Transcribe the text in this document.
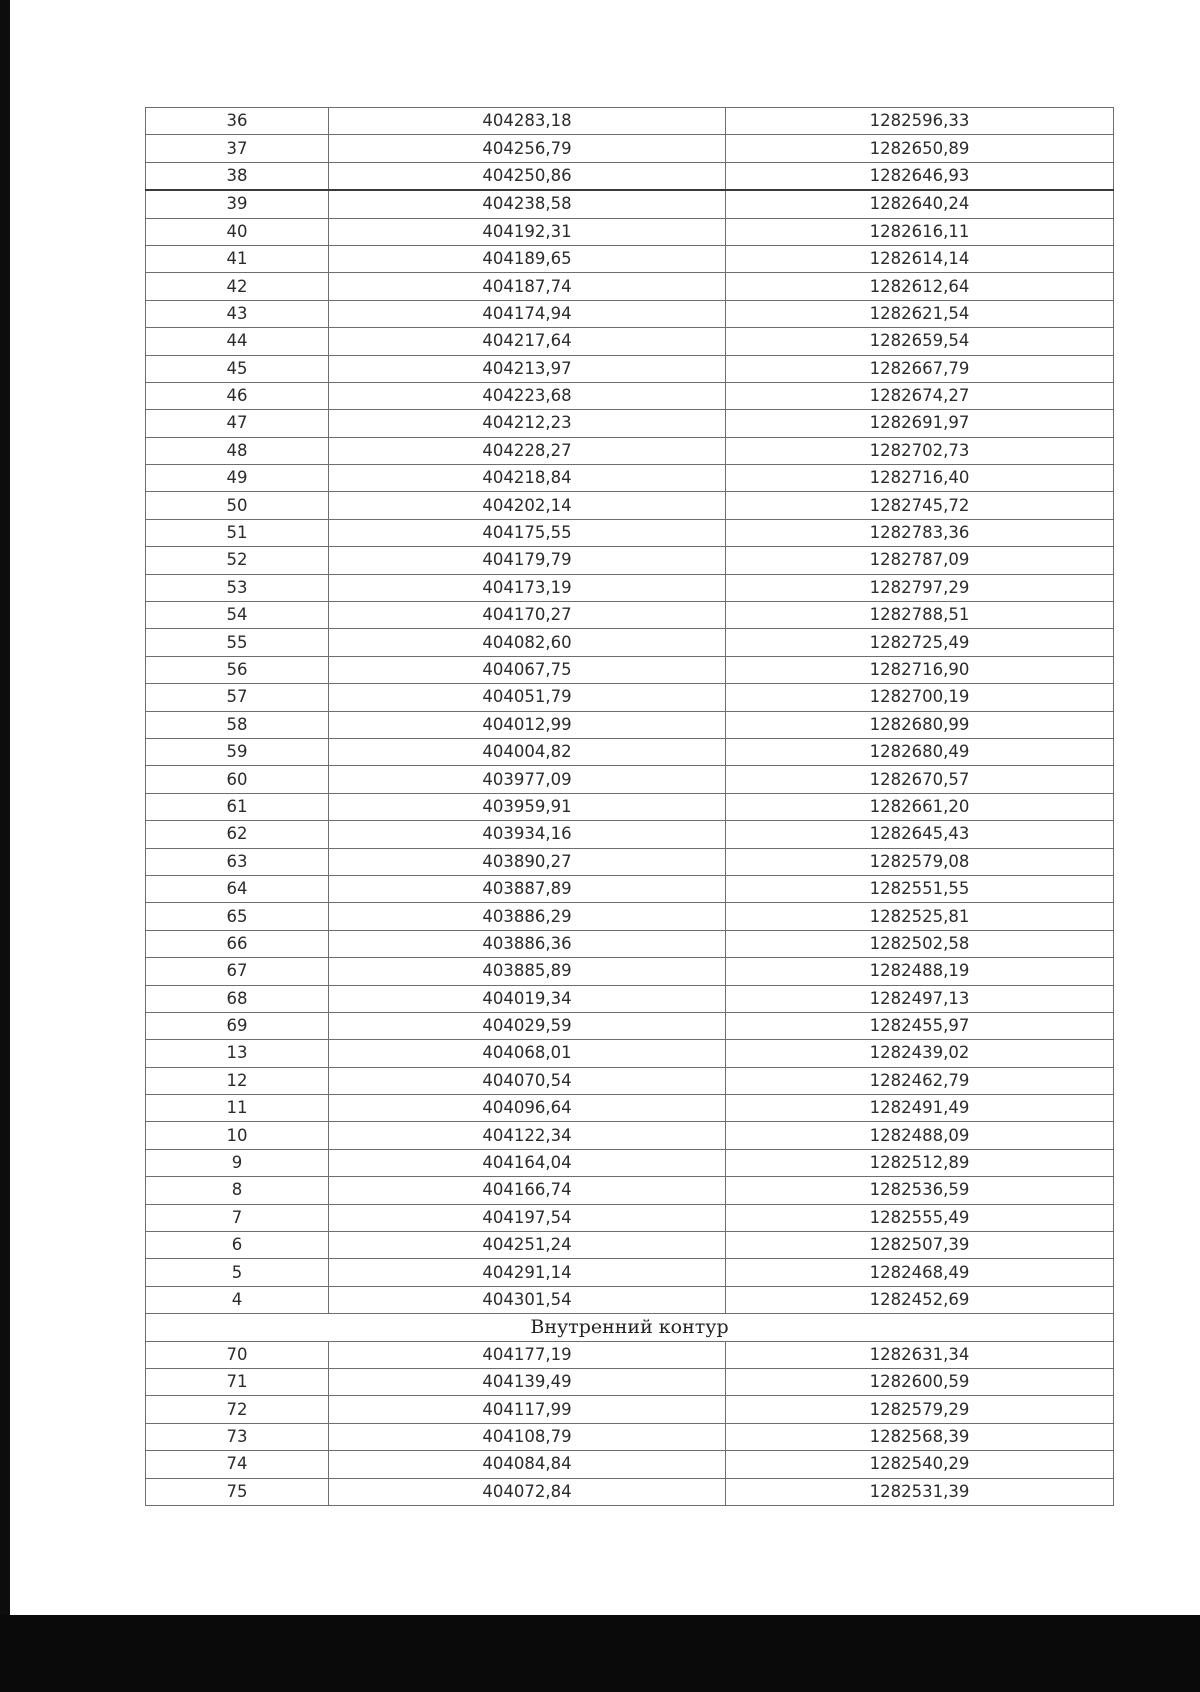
36	404283,18	1282596,33
37	404256,79	1282650,89
38	404250,86	1282646,93
39	404238,58	1282640,24
40	404192,31	1282616,11
41	404189,65	1282614,14
42	404187,74	1282612,64
43	404174,94	1282621,54
44	404217,64	1282659,54
45	404213,97	1282667,79
46	404223,68	1282674,27
47	404212,23	1282691,97
48	404228,27	1282702,73
49	404218,84	1282716,40
50	404202,14	1282745,72
51	404175,55	1282783,36
52	404179,79	1282787,09
53	404173,19	1282797,29
54	404170,27	1282788,51
55	404082,60	1282725,49
56	404067,75	1282716,90
57	404051,79	1282700,19
58	404012,99	1282680,99
59	404004,82	1282680,49
60	403977,09	1282670,57
61	403959,91	1282661,20
62	403934,16	1282645,43
63	403890,27	1282579,08
64	403887,89	1282551,55
65	403886,29	1282525,81
66	403886,36	1282502,58
67	403885,89	1282488,19
68	404019,34	1282497,13
69	404029,59	1282455,97
13	404068,01	1282439,02
12	404070,54	1282462,79
11	404096,64	1282491,49
10	404122,34	1282488,09
9	404164,04	1282512,89
8	404166,74	1282536,59
7	404197,54	1282555,49
6	404251,24	1282507,39
5	404291,14	1282468,49
4	404301,54	1282452,69
Внутренний контур		
70	404177,19	1282631,34
71	404139,49	1282600,59
72	404117,99	1282579,29
73	404108,79	1282568,39
74	404084,84	1282540,29
75	404072,84	1282531,39
